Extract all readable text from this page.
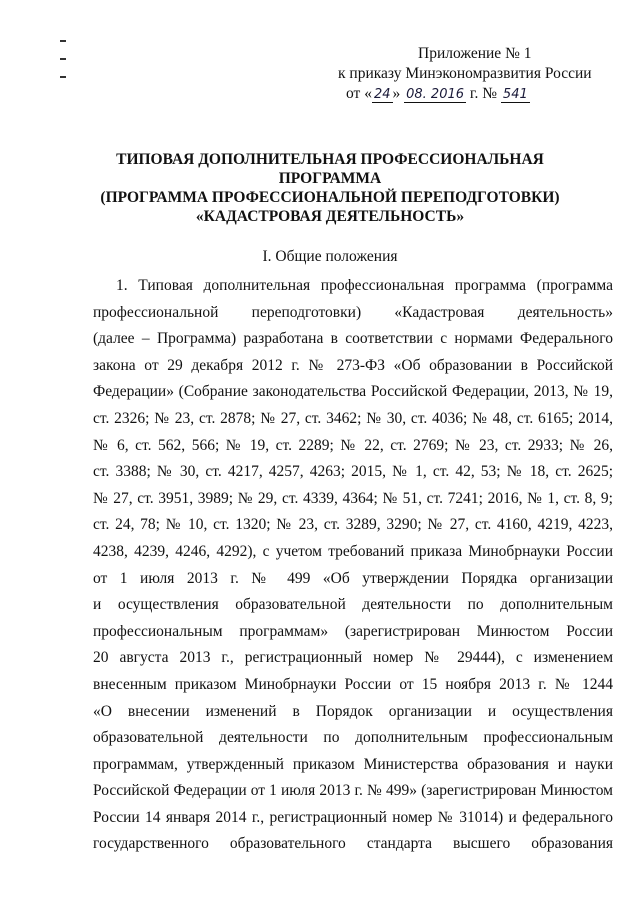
Приложение № 1
к приказу Минэкономразвития России
от « 24 » 08. 2016 г. № 541
ТИПОВАЯ ДОПОЛНИТЕЛЬНАЯ ПРОФЕССИОНАЛЬНАЯ
ПРОГРАММА
(ПРОГРАММА ПРОФЕССИОНАЛЬНОЙ ПЕРЕПОДГОТОВКИ)
«КАДАСТРОВАЯ ДЕЯТЕЛЬНОСТЬ»
I. Общие положения
1. Типовая дополнительная профессиональная программа (программа
профессиональной переподготовки) «Кадастровая деятельность»
(далее – Программа) разработана в соответствии с нормами Федерального
закона от 29 декабря 2012 г. № 273-ФЗ «Об образовании в Российской
Федерации» (Собрание законодательства Российской Федерации, 2013, № 19,
ст. 2326; № 23, ст. 2878; № 27, ст. 3462; № 30, ст. 4036; № 48, ст. 6165; 2014,
№ 6, ст. 562, 566; № 19, ст. 2289; № 22, ст. 2769; № 23, ст. 2933; № 26,
ст. 3388; № 30, ст. 4217, 4257, 4263; 2015, № 1, ст. 42, 53; № 18, ст. 2625;
№ 27, ст. 3951, 3989; № 29, ст. 4339, 4364; № 51, ст. 7241; 2016, № 1, ст. 8, 9;
ст. 24, 78; № 10, ст. 1320; № 23, ст. 3289, 3290; № 27, ст. 4160, 4219, 4223,
4238, 4239, 4246, 4292), с учетом требований приказа Минобрнауки России
от 1 июля 2013 г. № 499 «Об утверждении Порядка организации
и осуществления образовательной деятельности по дополнительным
профессиональным программам» (зарегистрирован Минюстом России
20 августа 2013 г., регистрационный номер № 29444), с изменением
внесенным приказом Минобрнауки России от 15 ноября 2013 г. № 1244
«О внесении изменений в Порядок организации и осуществления
образовательной деятельности по дополнительным профессиональным
программам, утвержденный приказом Министерства образования и науки
Российской Федерации от 1 июля 2013 г. № 499» (зарегистрирован Минюстом
России 14 января 2014 г., регистрационный номер № 31014) и федерального
государственного образовательного стандарта высшего образования
